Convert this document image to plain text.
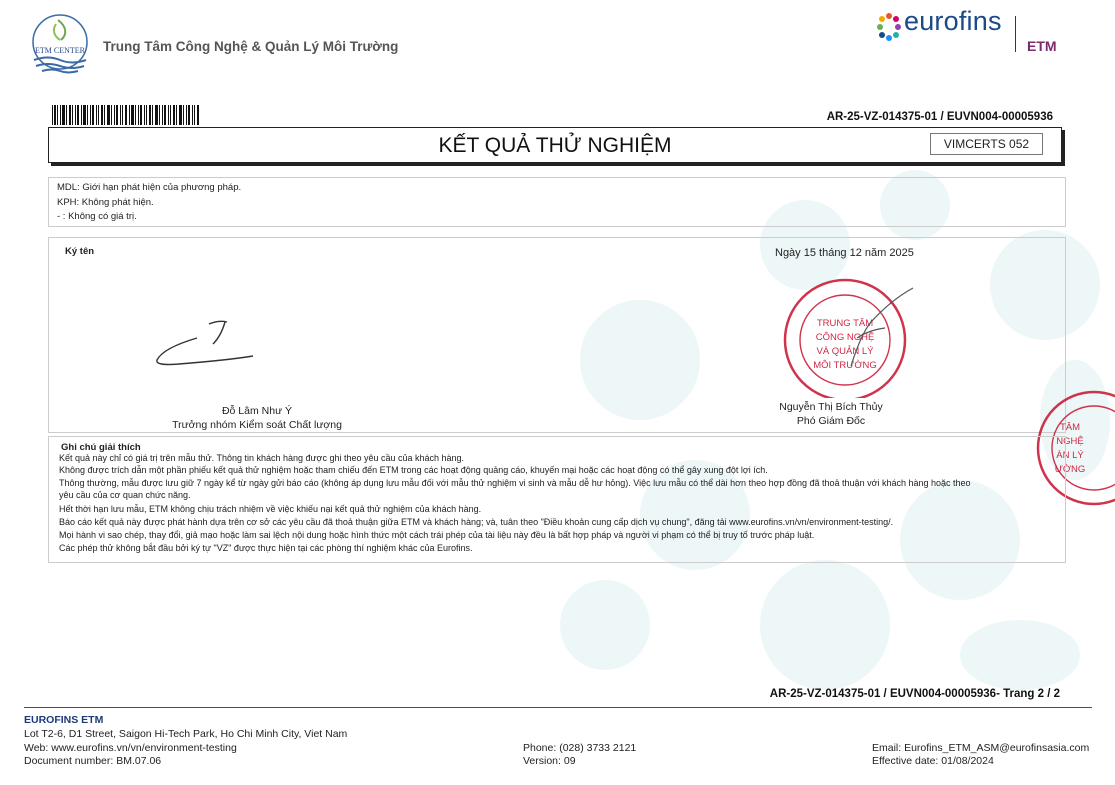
ETM CENTER Trung Tâm Công Nghệ & Quản Lý Môi Trường
eurofins
ETM
AR-25-VZ-014375-01 / EUVN004-00005936
KẾT QUẢ THỬ NGHIỆM	VIMCERTS 052
MDL: Giới hạn phát hiện của phương pháp.
KPH: Không phát hiện.
- : Không có giá trị.
Ký tên	Ngày 15 tháng 12 năm 2025
Đỗ Lâm Như Ý
Trưởng nhóm Kiểm soát Chất lượng
TRUNG TÂM
CÔNG NGHỆ
VÀ QUẢN LÝ
MÔI TRƯỜNG
Nguyễn Thị Bích Thủy
Phó Giám Đốc
TÂM
NGHỆ
ÀN LÝ
ƯỜNG
Ghi chú giải thích
Kết quả này chỉ có giá trị trên mẫu thử. Thông tin khách hàng được ghi theo yêu cầu của khách hàng.
Không được trích dẫn một phần phiếu kết quả thử nghiệm hoặc tham chiếu đến ETM trong các hoạt động quảng cáo, khuyến mại hoặc các hoạt động có thể gây xung đột lợi ích.
Thông thường, mẫu được lưu giữ 7 ngày kể từ ngày gửi báo cáo (không áp dụng lưu mẫu đối với mẫu thử nghiệm vi sinh và mẫu dễ hư hỏng). Việc lưu mẫu có thể dài hơn theo hợp đồng đã thoả thuận với khách hàng hoặc theo
yêu cầu của cơ quan chức năng.
Hết thời hạn lưu mẫu, ETM không chịu trách nhiệm về việc khiếu nại kết quả thử nghiệm của khách hàng.
Báo cáo kết quả này được phát hành dựa trên cơ sở các yêu cầu đã thoả thuận giữa ETM và khách hàng; và, tuân theo "Điều khoản cung cấp dịch vụ chung", đăng tải www.eurofins.vn/vn/environment-testing/.
Mọi hành vi sao chép, thay đổi, giả mạo hoặc làm sai lệch nội dung hoặc hình thức một cách trái phép của tài liệu này đều là bất hợp pháp và người vi phạm có thể bị truy tố trước pháp luật.
Các phép thử không bắt đầu bởi ký tự "VZ" được thực hiện tại các phòng thí nghiệm khác của Eurofins.
AR-25-VZ-014375-01 / EUVN004-00005936- Trang 2 / 2
EUROFINS ETM
Lot T2-6, D1 Street, Saigon Hi-Tech Park, Ho Chi Minh City, Viet Nam
Web: www.eurofins.vn/vn/environment-testing
Document number: BM.07.06
Phone: (028) 3733 2121
Version: 09
Email: Eurofins_ETM_ASM@eurofinsasia.com
Effective date: 01/08/2024
